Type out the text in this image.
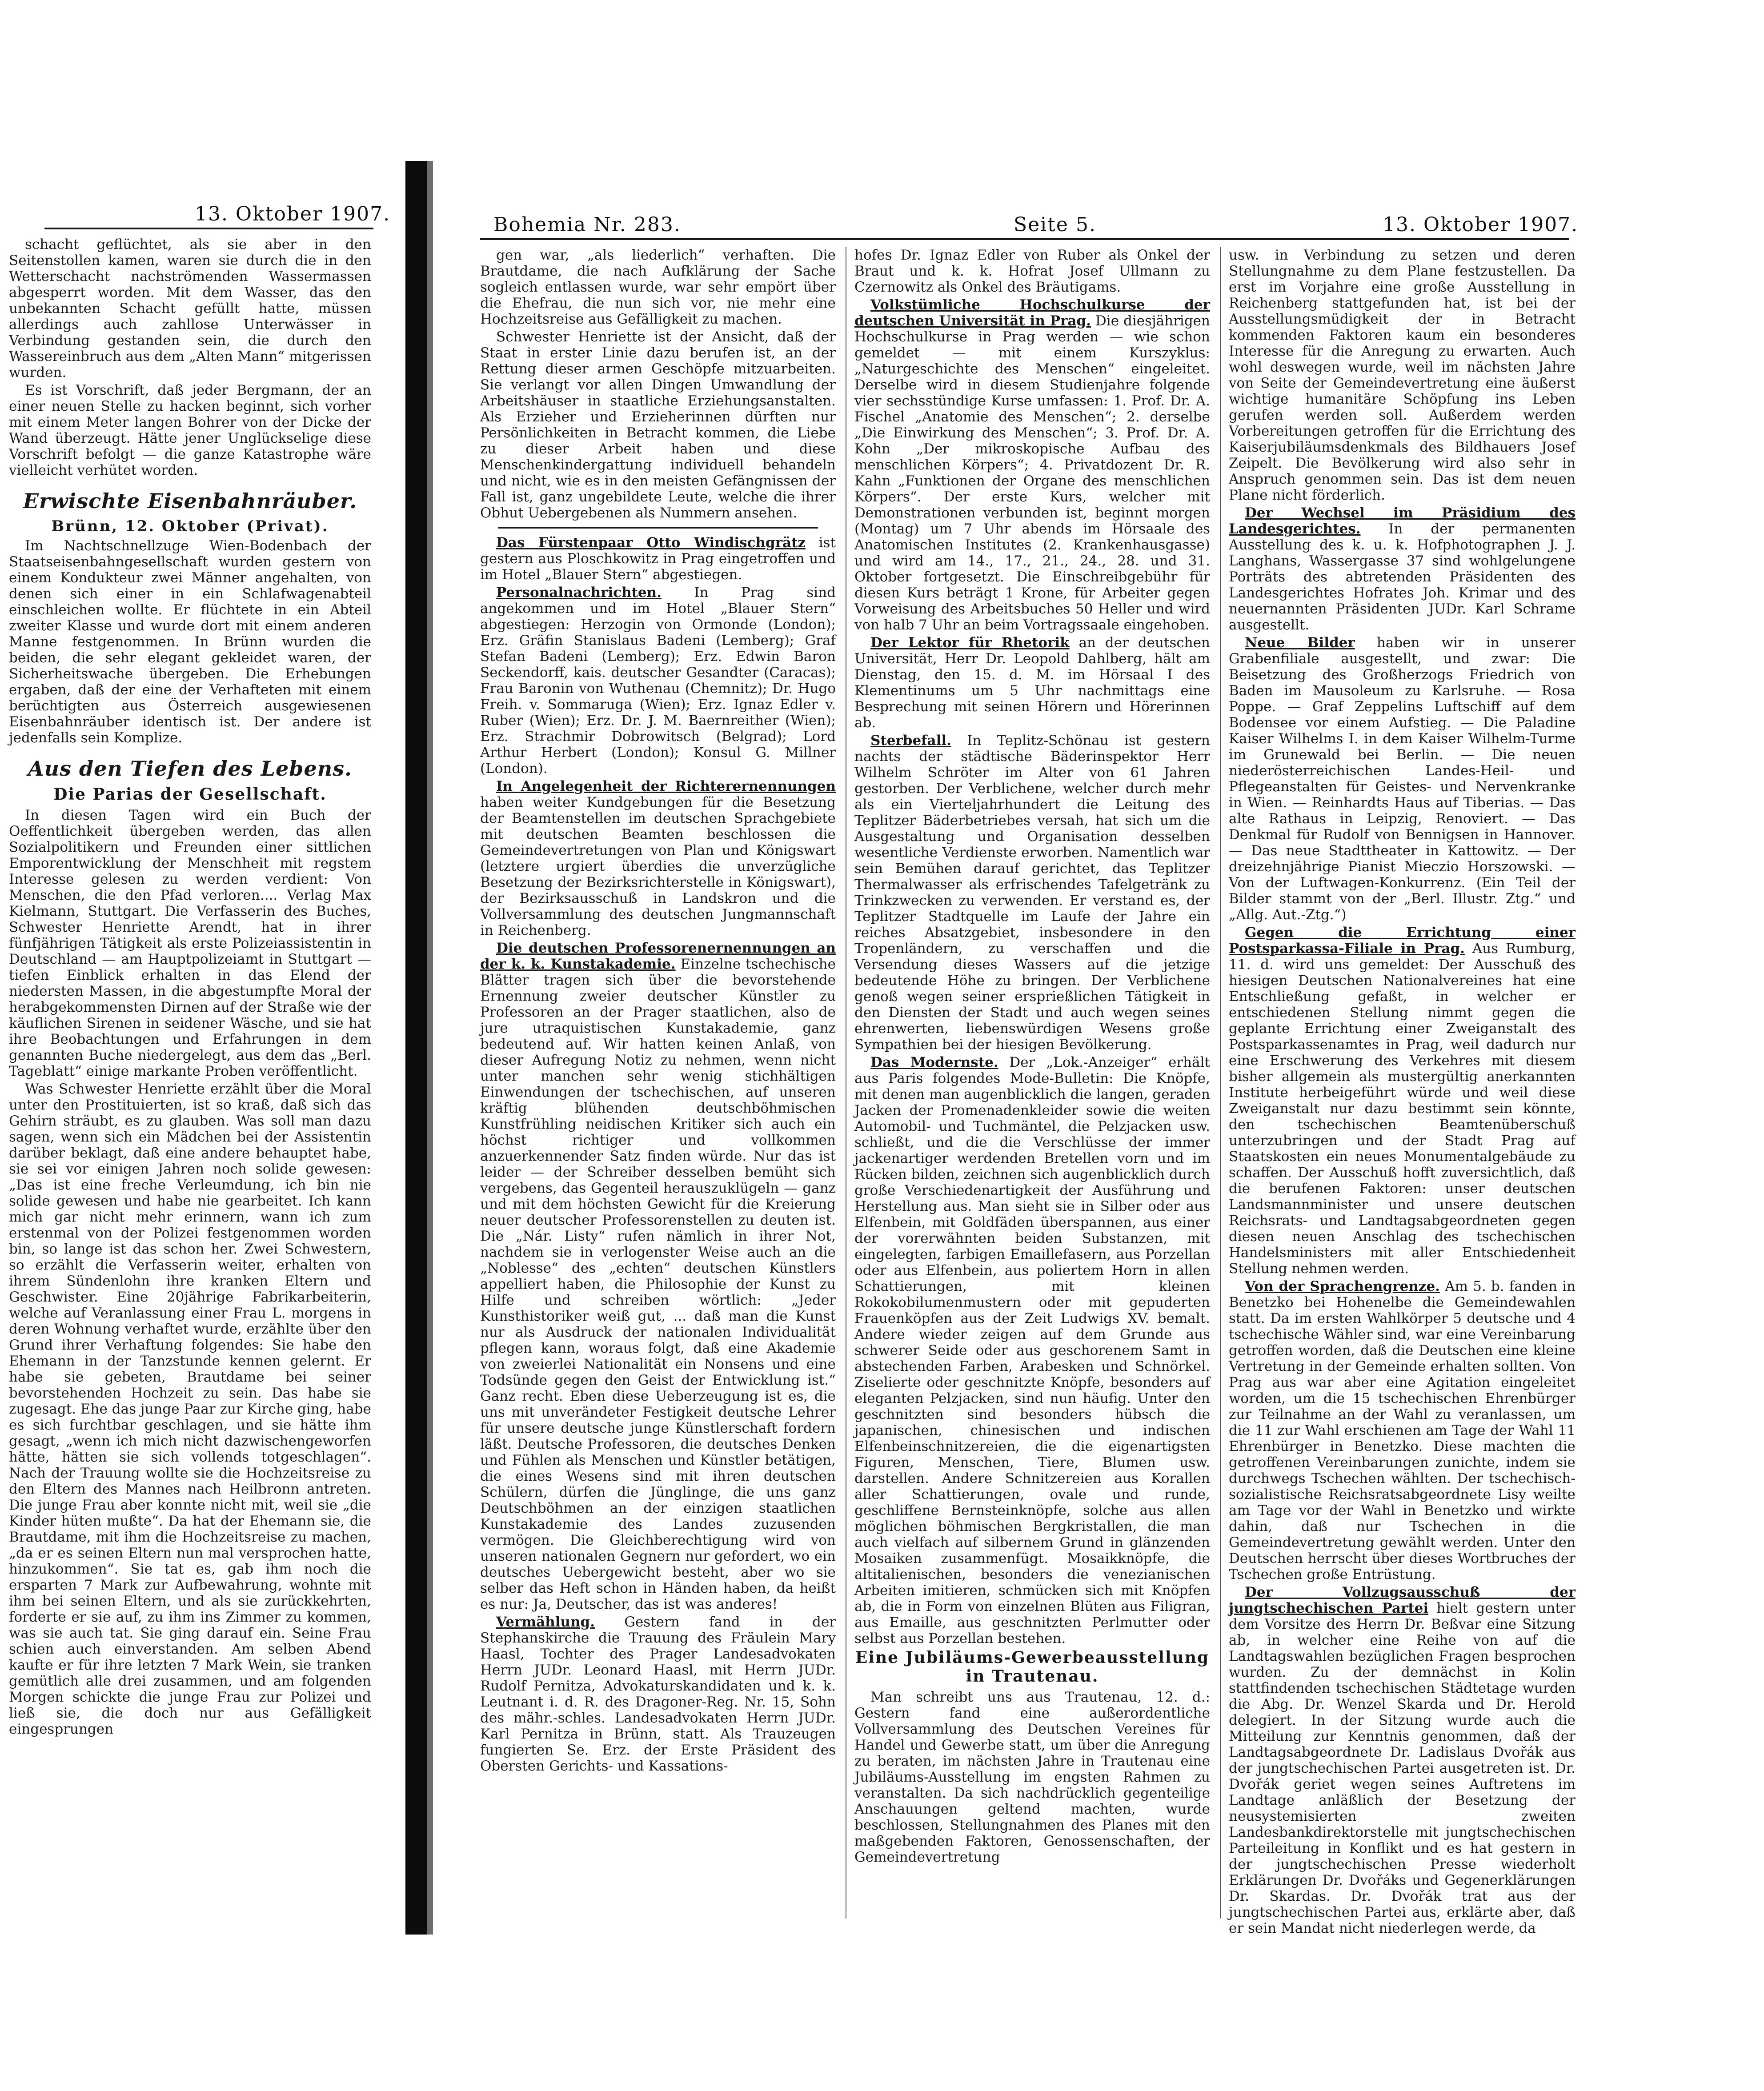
13. Oktober 1907.

schacht geflüchtet, als sie aber in den Seitenstollen kamen, waren sie durch die in den Wetterschacht nachströmenden Wassermassen abgesperrt worden. Mit dem Wasser, das den unbekannten Schacht gefüllt hatte, müssen allerdings auch zahllose Unterwässer in Verbindung gestanden sein, die durch den Wassereinbruch aus dem „Alten Mann“ mitgerissen wurden.

Es ist Vorschrift, daß jeder Bergmann, der an einer neuen Stelle zu hacken beginnt, sich vorher mit einem Meter langen Bohrer von der Dicke der Wand überzeugt. Hätte jener Unglückselige diese Vorschrift befolgt — die ganze Katastrophe wäre vielleicht verhütet worden.

Erwischte Eisenbahnräuber.
Brünn, 12. Oktober (Privat).

Im Nachtschnellzuge Wien-Bodenbach der Staatseisenbahngesellschaft wurden gestern von einem Kondukteur zwei Männer angehalten, von denen sich einer in ein Schlafwagenabteil einschleichen wollte. Er flüchtete in ein Abteil zweiter Klasse und wurde dort mit einem anderen Manne festgenommen. In Brünn wurden die beiden, die sehr elegant gekleidet waren, der Sicherheitswache übergeben. Die Erhebungen ergaben, daß der eine der Verhafteten mit einem berüchtigten aus Österreich ausgewiesenen Eisenbahnräuber identisch ist. Der andere ist jedenfalls sein Komplize.

Aus den Tiefen des Lebens.
Die Parias der Gesellschaft.

In diesen Tagen wird ein Buch der Oeffentlichkeit übergeben werden, das allen Sozialpolitikern und Freunden einer sittlichen Emporentwicklung der Menschheit mit regstem Interesse gelesen zu werden verdient: Von Menschen, die den Pfad verloren.... Verlag Max Kielmann, Stuttgart. Die Verfasserin des Buches, Schwester Henriette Arendt, hat in ihrer fünfjährigen Tätigkeit als erste Polizeiassistentin in Deutschland — am Hauptpolizeiamt in Stuttgart — tiefen Einblick erhalten in das Elend der niedersten Massen, in die abgestumpfte Moral der herabgekommensten Dirnen auf der Straße wie der käuflichen Sirenen in seidener Wäsche, und sie hat ihre Beobachtungen und Erfahrungen in dem genannten Buche niedergelegt, aus dem das „Berl. Tageblatt“ einige markante Proben veröffentlicht.

Was Schwester Henriette erzählt über die Moral unter den Prostituierten, ist so kraß, daß sich das Gehirn sträubt, es zu glauben. Was soll man dazu sagen, wenn sich ein Mädchen bei der Assistentin darüber beklagt, daß eine andere behauptet habe, sie sei vor einigen Jahren noch solide gewesen: „Das ist eine freche Verleumdung, ich bin nie solide gewesen und habe nie gearbeitet. Ich kann mich gar nicht mehr erinnern, wann ich zum erstenmal von der Polizei festgenommen worden bin, so lange ist das schon her. Zwei Schwestern, so erzählt die Verfasserin weiter, erhalten von ihrem Sündenlohn ihre kranken Eltern und Geschwister. Eine 20jährige Fabrikarbeiterin, welche auf Veranlassung einer Frau L. morgens in deren Wohnung verhaftet wurde, erzählte über den Grund ihrer Verhaftung folgendes: Sie habe den Ehemann in der Tanzstunde kennen gelernt. Er habe sie gebeten, Brautdame bei seiner bevorstehenden Hochzeit zu sein. Das habe sie zugesagt. Ehe das junge Paar zur Kirche ging, habe es sich furchtbar geschlagen, und sie hätte ihm gesagt, „wenn ich mich nicht dazwischengeworfen hätte, hätten sie sich vollends totgeschlagen“. Nach der Trauung wollte sie die Hochzeitsreise zu den Eltern des Mannes nach Heilbronn antreten. Die junge Frau aber konnte nicht mit, weil sie „die Kinder hüten mußte“. Da hat der Ehemann sie, die Brautdame, mit ihm die Hochzeitsreise zu machen, „da er es seinen Eltern nun mal versprochen hatte, hinzukommen“. Sie tat es, gab ihm noch die ersparten 7 Mark zur Aufbewahrung, wohnte mit ihm bei seinen Eltern, und als sie zurückkehrten, forderte er sie auf, zu ihm ins Zimmer zu kommen, was sie auch tat. Sie ging darauf ein. Seine Frau schien auch einverstanden. Am selben Abend kaufte er für ihre letzten 7 Mark Wein, sie tranken gemütlich alle drei zusammen, und am folgenden Morgen schickte die junge Frau zur Polizei und ließ sie, die doch nur aus Gefälligkeit eingesprungen

Bohemia Nr. 283.	Seite 5.	13. Oktober 1907.

gen war, „als liederlich“ verhaften. Die Brautdame, die nach Aufklärung der Sache sogleich entlassen wurde, war sehr empört über die Ehefrau, die nun sich vor, nie mehr eine Hochzeitsreise aus Gefälligkeit zu machen.

Schwester Henriette ist der Ansicht, daß der Staat in erster Linie dazu berufen ist, an der Rettung dieser armen Geschöpfe mitzuarbeiten. Sie verlangt vor allen Dingen Umwandlung der Arbeitshäuser in staatliche Erziehungsanstalten. Als Erzieher und Erzieherinnen dürften nur Persönlichkeiten in Betracht kommen, die Liebe zu dieser Arbeit haben und diese Menschenkindergattung individuell behandeln und nicht, wie es in den meisten Gefängnissen der Fall ist, ganz ungebildete Leute, welche die ihrer Obhut Uebergebenen als Nummern ansehen.

Das Fürstenpaar Otto Windischgrätz ist gestern aus Ploschkowitz in Prag eingetroffen und im Hotel „Blauer Stern“ abgestiegen.

Personalnachrichten. In Prag sind angekommen und im Hotel „Blauer Stern“ abgestiegen: Herzogin von Ormonde (London); Erz. Gräfin Stanislaus Badeni (Lemberg); Graf Stefan Badeni (Lemberg); Erz. Edwin Baron Seckendorff, kais. deutscher Gesandter (Caracas); Frau Baronin von Wuthenau (Chemnitz); Dr. Hugo Freih. v. Sommaruga (Wien); Erz. Ignaz Edler v. Ruber (Wien); Erz. Dr. J. M. Baernreither (Wien); Erz. Strachmir Dobrowitsch (Belgrad); Lord Arthur Herbert (London); Konsul G. Millner (London).

In Angelegenheit der Richterernennungen haben weiter Kundgebungen für die Besetzung der Beamtenstellen im deutschen Sprachgebiete mit deutschen Beamten beschlossen die Gemeindevertretungen von Plan und Königswart (letztere urgiert überdies die unverzügliche Besetzung der Bezirksrichterstelle in Königswart), der Bezirksausschuß in Landskron und die Vollversammlung des deutschen Jungmannschaft in Reichenberg.

Die deutschen Professorenernennungen an der k. k. Kunstakademie. Einzelne tschechische Blätter tragen sich über die bevorstehende Ernennung zweier deutscher Künstler zu Professoren an der Prager staatlichen, also de jure utraquistischen Kunstakademie, ganz bedeutend auf. Wir hatten keinen Anlaß, von dieser Aufregung Notiz zu nehmen, wenn nicht unter manchen sehr wenig stichhältigen Einwendungen der tschechischen, auf unseren kräftig blühenden deutschböhmischen Kunstfrühling neidischen Kritiker sich auch ein höchst richtiger und vollkommen anzuerkennender Satz finden würde. Nur das ist leider — der Schreiber desselben bemüht sich vergebens, das Gegenteil herauszuklügeln — ganz und mit dem höchsten Gewicht für die Kreierung neuer deutscher Professorenstellen zu deuten ist. Die „Nár. Listy“ rufen nämlich in ihrer Not, nachdem sie in verlogenster Weise auch an die „Noblesse“ des „echten“ deutschen Künstlers appelliert haben, die Philosophie der Kunst zu Hilfe und schreiben wörtlich: „Jeder Kunsthistoriker weiß gut, ... daß man die Kunst nur als Ausdruck der nationalen Individualität pflegen kann, woraus folgt, daß eine Akademie von zweierlei Nationalität ein Nonsens und eine Todsünde gegen den Geist der Entwicklung ist.“ Ganz recht. Eben diese Ueberzeugung ist es, die uns mit unverändeter Festigkeit deutsche Lehrer für unsere deutsche junge Künstlerschaft fordern läßt. Deutsche Professoren, die deutsches Denken und Fühlen als Menschen und Künstler betätigen, die eines Wesens sind mit ihren deutschen Schülern, dürfen die Jünglinge, die uns ganz Deutschböhmen an der einzigen staatlichen Kunstakademie des Landes zuzusenden vermögen. Die Gleichberechtigung wird von unseren nationalen Gegnern nur gefordert, wo ein deutsches Uebergewicht besteht, aber wo sie selber das Heft schon in Händen haben, da heißt es nur: Ja, Deutscher, das ist was anderes!

Vermählung. Gestern fand in der Stephanskirche die Trauung des Fräulein Mary Haasl, Tochter des Prager Landesadvokaten Herrn JUDr. Leonard Haasl, mit Herrn JUDr. Rudolf Pernitza, Advokaturskandidaten und k. k. Leutnant i. d. R. des Dragoner-Reg. Nr. 15, Sohn des mähr.-schles. Landesadvokaten Herrn JUDr. Karl Pernitza in Brünn, statt. Als Trauzeugen fungierten Se. Erz. der Erste Präsident des Obersten Gerichts- und Kassations-

hofes Dr. Ignaz Edler von Ruber als Onkel der Braut und k. k. Hofrat Josef Ullmann zu Czernowitz als Onkel des Bräutigams.

Volkstümliche Hochschulkurse der deutschen Universität in Prag. Die diesjährigen Hochschulkurse in Prag werden — wie schon gemeldet — mit einem Kurszyklus: „Naturgeschichte des Menschen“ eingeleitet. Derselbe wird in diesem Studienjahre folgende vier sechsstündige Kurse umfassen: 1. Prof. Dr. A. Fischel „Anatomie des Menschen“; 2. derselbe „Die Einwirkung des Menschen“; 3. Prof. Dr. A. Kohn „Der mikroskopische Aufbau des menschlichen Körpers“; 4. Privatdozent Dr. R. Kahn „Funktionen der Organe des menschlichen Körpers“. Der erste Kurs, welcher mit Demonstrationen verbunden ist, beginnt morgen (Montag) um 7 Uhr abends im Hörsaale des Anatomischen Institutes (2. Krankenhausgasse) und wird am 14., 17., 21., 24., 28. und 31. Oktober fortgesetzt. Die Einschreibgebühr für diesen Kurs beträgt 1 Krone, für Arbeiter gegen Vorweisung des Arbeitsbuches 50 Heller und wird von halb 7 Uhr an beim Vortragssaale eingehoben.

Der Lektor für Rhetorik an der deutschen Universität, Herr Dr. Leopold Dahlberg, hält am Dienstag, den 15. d. M. im Hörsaal I des Klementinums um 5 Uhr nachmittags eine Besprechung mit seinen Hörern und Hörerinnen ab.

Sterbefall. In Teplitz-Schönau ist gestern nachts der städtische Bäderinspektor Herr Wilhelm Schröter im Alter von 61 Jahren gestorben. Der Verblichene, welcher durch mehr als ein Vierteljahrhundert die Leitung des Teplitzer Bäderbetriebes versah, hat sich um die Ausgestaltung und Organisation desselben wesentliche Verdienste erworben. Namentlich war sein Bemühen darauf gerichtet, das Teplitzer Thermalwasser als erfrischendes Tafelgetränk zu Trinkzwecken zu verwenden. Er verstand es, der Teplitzer Stadtquelle im Laufe der Jahre ein reiches Absatzgebiet, insbesondere in den Tropenländern, zu verschaffen und die Versendung dieses Wassers auf die jetzige bedeutende Höhe zu bringen. Der Verblichene genoß wegen seiner ersprießlichen Tätigkeit in den Diensten der Stadt und auch wegen seines ehrenwerten, liebenswürdigen Wesens große Sympathien bei der hiesigen Bevölkerung.

Das Modernste. Der „Lok.-Anzeiger“ erhält aus Paris folgendes Mode-Bulletin: Die Knöpfe, mit denen man augenblicklich die langen, geraden Jacken der Promenadenkleider sowie die weiten Automobil- und Tuchmäntel, die Pelzjacken usw. schließt, und die die Verschlüsse der immer jackenartiger werdenden Bretellen vorn und im Rücken bilden, zeichnen sich augenblicklich durch große Verschiedenartigkeit der Ausführung und Herstellung aus. Man sieht sie in Silber oder aus Elfenbein, mit Goldfäden überspannen, aus einer der vorerwähnten beiden Substanzen, mit eingelegten, farbigen Emaillefasern, aus Porzellan oder aus Elfenbein, aus poliertem Horn in allen Schattierungen, mit kleinen Rokokobilumenmustern oder mit gepuderten Frauenköpfen aus der Zeit Ludwigs XV. bemalt. Andere wieder zeigen auf dem Grunde aus schwerer Seide oder aus geschorenem Samt in abstechenden Farben, Arabesken und Schnörkel. Ziselierte oder geschnitzte Knöpfe, besonders auf eleganten Pelzjacken, sind nun häufig. Unter den geschnitzten sind besonders hübsch die japanischen, chinesischen und indischen Elfenbeinschnitzereien, die die eigenartigsten Figuren, Menschen, Tiere, Blumen usw. darstellen. Andere Schnitzereien aus Korallen aller Schattierungen, ovale und runde, geschliffene Bernsteinknöpfe, solche aus allen möglichen böhmischen Bergkristallen, die man auch vielfach auf silbernem Grund in glänzenden Mosaiken zusammenfügt. Mosaikknöpfe, die altitalienischen, besonders die venezianischen Arbeiten imitieren, schmücken sich mit Knöpfen ab, die in Form von einzelnen Blüten aus Filigran, aus Emaille, aus geschnitzten Perlmutter oder selbst aus Porzellan bestehen.

Eine Jubiläums-Gewerbeausstellung in Trautenau.

Man schreibt uns aus Trautenau, 12. d.: Gestern fand eine außerordentliche Vollversammlung des Deutschen Vereines für Handel und Gewerbe statt, um über die Anregung zu beraten, im nächsten Jahre in Trautenau eine Jubiläums-Ausstellung im engsten Rahmen zu veranstalten. Da sich nachdrücklich gegenteilige Anschauungen geltend machten, wurde beschlossen, Stellungnahmen des Planes mit den maßgebenden Faktoren, Genossenschaften, der Gemeindevertretung

usw. in Verbindung zu setzen und deren Stellungnahme zu dem Plane festzustellen. Da erst im Vorjahre eine große Ausstellung in Reichenberg stattgefunden hat, ist bei der Ausstellungsmüdigkeit der in Betracht kommenden Faktoren kaum ein besonderes Interesse für die Anregung zu erwarten. Auch wohl deswegen wurde, weil im nächsten Jahre von Seite der Gemeindevertretung eine äußerst wichtige humanitäre Schöpfung ins Leben gerufen werden soll. Außerdem werden Vorbereitungen getroffen für die Errichtung des Kaiserjubiläumsdenkmals des Bildhauers Josef Zeipelt. Die Bevölkerung wird also sehr in Anspruch genommen sein. Das ist dem neuen Plane nicht förderlich.

Der Wechsel im Präsidium des Landesgerichtes. In der permanenten Ausstellung des k. u. k. Hofphotographen J. J. Langhans, Wassergasse 37 sind wohlgelungene Porträts des abtretenden Präsidenten des Landesgerichtes Hofrates Joh. Krimar und des neuernannten Präsidenten JUDr. Karl Schrame ausgestellt.

Neue Bilder haben wir in unserer Grabenfiliale ausgestellt, und zwar: Die Beisetzung des Großherzogs Friedrich von Baden im Mausoleum zu Karlsruhe. — Rosa Poppe. — Graf Zeppelins Luftschiff auf dem Bodensee vor einem Aufstieg. — Die Paladine Kaiser Wilhelms I. in dem Kaiser Wilhelm-Turme im Grunewald bei Berlin. — Die neuen niederösterreichischen Landes-Heil- und Pflegeanstalten für Geistes- und Nervenkranke in Wien. — Reinhardts Haus auf Tiberias. — Das alte Rathaus in Leipzig, Renoviert. — Das Denkmal für Rudolf von Bennigsen in Hannover. — Das neue Stadttheater in Kattowitz. — Der dreizehnjährige Pianist Mieczio Horszowski. — Von der Luftwagen-Konkurrenz. (Ein Teil der Bilder stammt von der „Berl. Illustr. Ztg.“ und „Allg. Aut.-Ztg.“)

Gegen die Errichtung einer Postsparkassa-Filiale in Prag. Aus Rumburg, 11. d. wird uns gemeldet: Der Ausschuß des hiesigen Deutschen Nationalvereines hat eine Entschließung gefaßt, in welcher er entschiedenen Stellung nimmt gegen die geplante Errichtung einer Zweiganstalt des Postsparkassenamtes in Prag, weil dadurch nur eine Erschwerung des Verkehres mit diesem bisher allgemein als mustergültig anerkannten Institute herbeigeführt würde und weil diese Zweiganstalt nur dazu bestimmt sein könnte, den tschechischen Beamtenüberschuß unterzubringen und der Stadt Prag auf Staatskosten ein neues Monumentalgebäude zu schaffen. Der Ausschuß hofft zuversichtlich, daß die berufenen Faktoren: unser deutschen Landsmannminister und unsere deutschen Reichsrats- und Landtagsabgeordneten gegen diesen neuen Anschlag des tschechischen Handelsministers mit aller Entschiedenheit Stellung nehmen werden.

Von der Sprachengrenze. Am 5. b. fanden in Benetzko bei Hohenelbe die Gemeindewahlen statt. Da im ersten Wahlkörper 5 deutsche und 4 tschechische Wähler sind, war eine Vereinbarung getroffen worden, daß die Deutschen eine kleine Vertretung in der Gemeinde erhalten sollten. Von Prag aus war aber eine Agitation eingeleitet worden, um die 15 tschechischen Ehrenbürger zur Teilnahme an der Wahl zu veranlassen, um die 11 zur Wahl erschienen am Tage der Wahl 11 Ehrenbürger in Benetzko. Diese machten die getroffenen Vereinbarungen zunichte, indem sie durchwegs Tschechen wählten. Der tschechisch-sozialistische Reichsratsabgeordnete Lisy weilte am Tage vor der Wahl in Benetzko und wirkte dahin, daß nur Tschechen in die Gemeindevertretung gewählt werden. Unter den Deutschen herrscht über dieses Wortbruches der Tschechen große Entrüstung.

Der Vollzugsausschuß der jungtschechischen Partei hielt gestern unter dem Vorsitze des Herrn Dr. Beßvar eine Sitzung ab, in welcher eine Reihe von auf die Landtagswahlen bezüglichen Fragen besprochen wurden. Zu der demnächst in Kolin stattfindenden tschechischen Städtetage wurden die Abg. Dr. Wenzel Skarda und Dr. Herold delegiert. In der Sitzung wurde auch die Mitteilung zur Kenntnis genommen, daß der Landtagsabgeordnete Dr. Ladislaus Dvořák aus der jungtschechischen Partei ausgetreten ist. Dr. Dvořák geriet wegen seines Auftretens im Landtage anläßlich der Besetzung der neusystemisierten zweiten Landesbankdirektorstelle mit jungtschechischen Parteileitung in Konflikt und es hat gestern in der jungtschechischen Presse wiederholt Erklärungen Dr. Dvořáks und Gegenerklärungen Dr. Skardas. Dr. Dvořák trat aus der jungtschechischen Partei aus, erklärte aber, daß er sein Mandat nicht niederlegen werde, da
